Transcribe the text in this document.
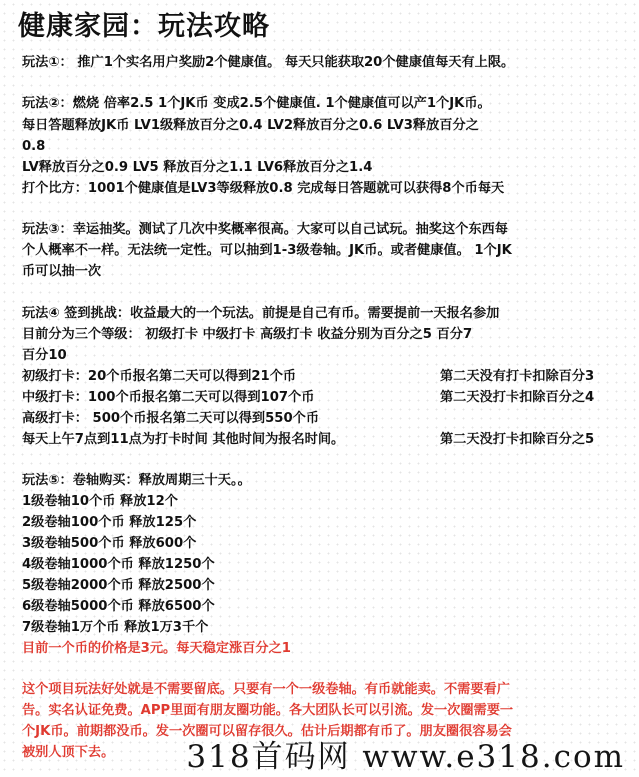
健康家园：玩法攻略
玩法①： 推广1个实名用户奖励2个健康值。 每天只能获取20个健康值每天有上限。
玩法②：燃烧 倍率2.5 1个JK币 变成2.5个健康值. 1个健康值可以产1个JK币。
每日答题释放JK币 LV1级释放百分之0.4 LV2释放百分之0.6 LV3释放百分之
0.8
LV释放百分之0.9 LV5 释放百分之1.1 LV6释放百分之1.4
打个比方：1001个健康值是LV3等级释放0.8 完成每日答题就可以获得8个币每天
玩法③：幸运抽奖。测试了几次中奖概率很高。大家可以自己试玩。抽奖这个东西每
个人概率不一样。无法统一定性。可以抽到1-3级卷轴。JK币。或者健康值。 1个JK
币可以抽一次
玩法④ 签到挑战：收益最大的一个玩法。前提是自己有币。需要提前一天报名参加
目前分为三个等级： 初级打卡 中级打卡 高级打卡 收益分别为百分之5 百分7
百分10
初级打卡：20个币报名第二天可以得到21个币	第二天没有打卡扣除百分3
中级打卡：100个币报名第二天可以得到107个币	第二天没打卡扣除百分之4
高级打卡： 500个币报名第二天可以得到550个币
每天上午7点到11点为打卡时间 其他时间为报名时间。	第二天没打卡扣除百分之5
玩法⑤：卷轴购买：释放周期三十天。。
1级卷轴10个币 释放12个
2级卷轴100个币 释放125个
3级卷轴500个币 释放600个
4级卷轴1000个币 释放1250个
5级卷轴2000个币 释放2500个
6级卷轴5000个币 释放6500个
7级卷轴1万个币 释放1万3千个
目前一个币的价格是3元。每天稳定涨百分之1
这个项目玩法好处就是不需要留底。只要有一个一级卷轴。有币就能卖。不需要看广
告。实名认证免费。APP里面有朋友圈功能。各大团队长可以引流。发一次圈需要一
个JK币。前期都没币。发一次圈可以留存很久。估计后期都有币了。朋友圈很容易会
被别人顶下去。 318首码网 www.e318.com
